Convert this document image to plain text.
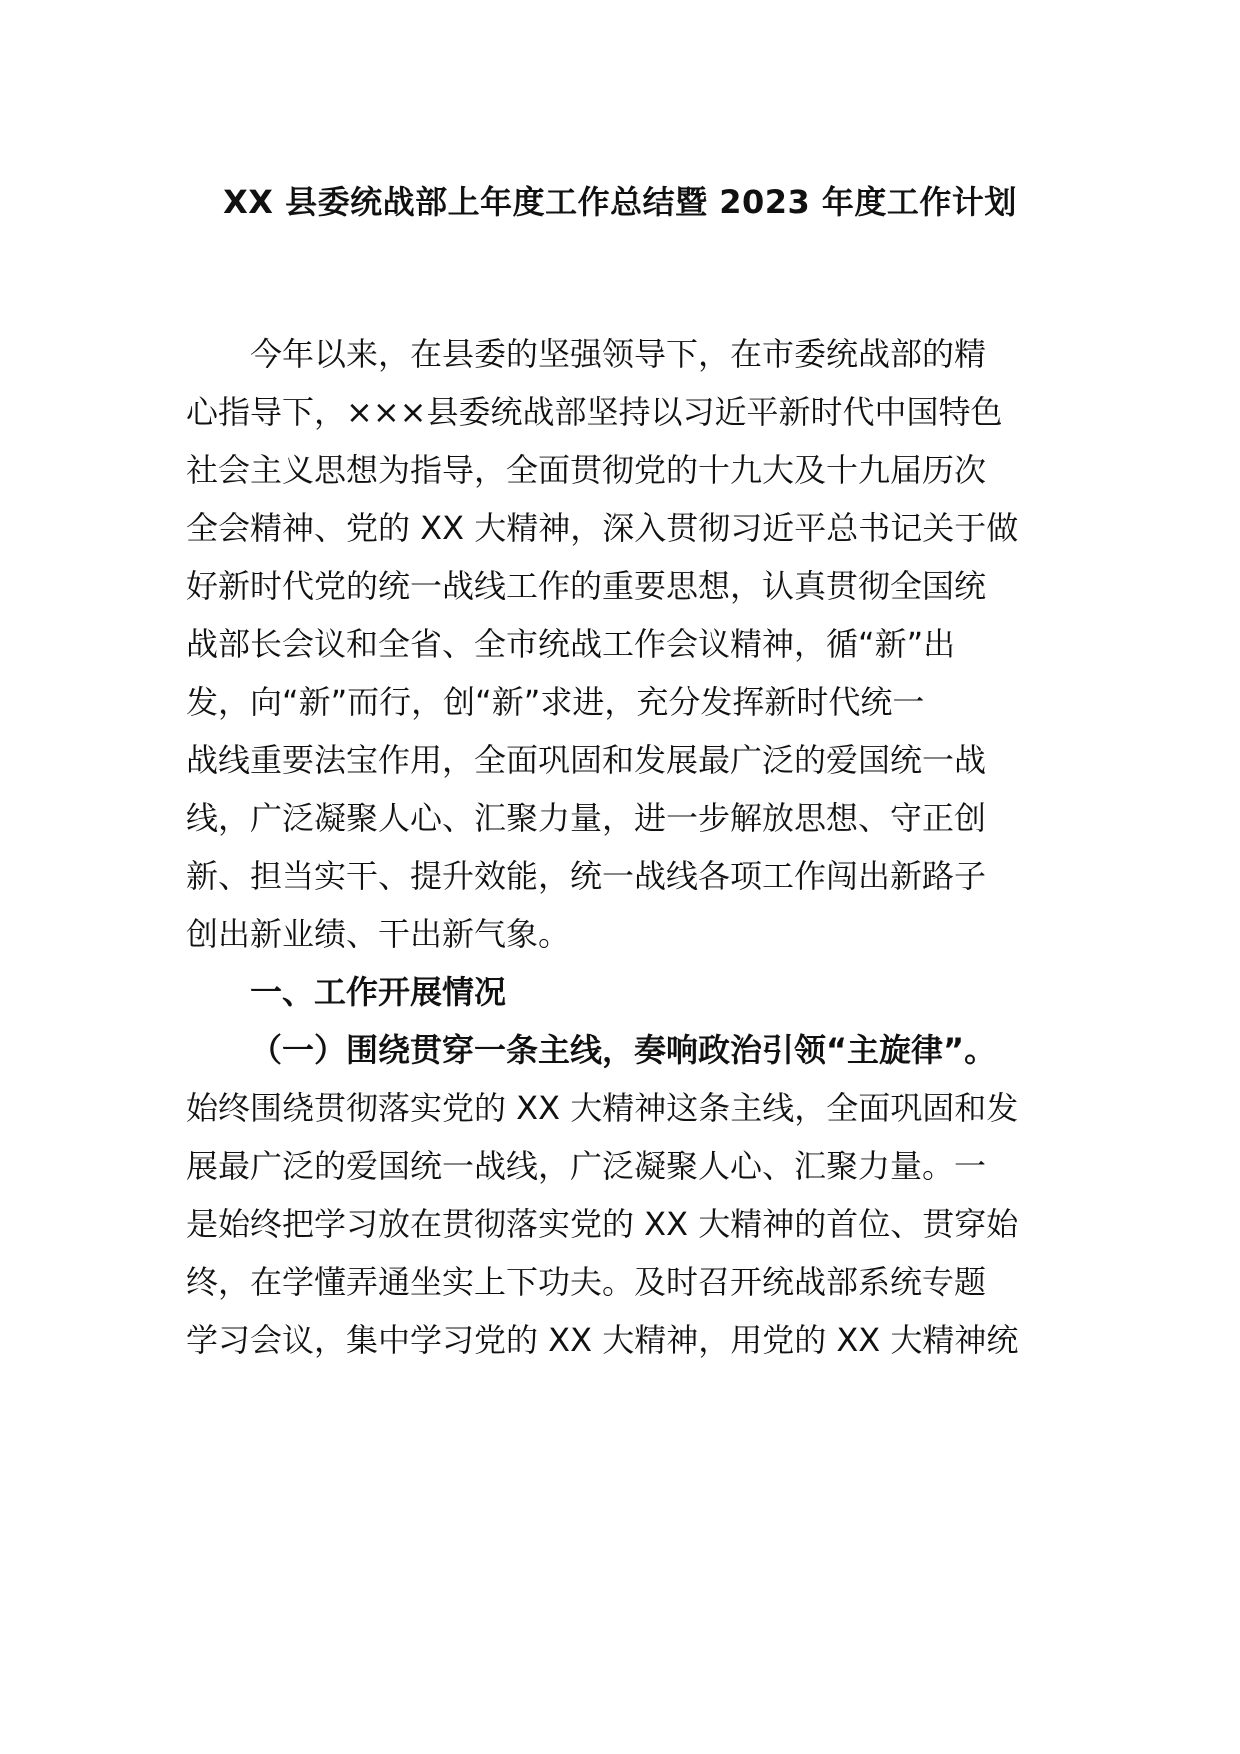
XX 县委统战部上年度工作总结暨 2023 年度工作计划
今年以来，在县委的坚强领导下，在市委统战部的精
心指导下，×××县委统战部坚持以习近平新时代中国特色
社会主义思想为指导，全面贯彻党的十九大及十九届历次
全会精神、党的 XX 大精神，深入贯彻习近平总书记关于做
好新时代党的统一战线工作的重要思想，认真贯彻全国统
战部长会议和全省、全市统战工作会议精神，循“新”出
发，向“新”而行，创“新”求进，充分发挥新时代统一
战线重要法宝作用，全面巩固和发展最广泛的爱国统一战
线，广泛凝聚人心、汇聚力量，进一步解放思想、守正创
新、担当实干、提升效能，统一战线各项工作闯出新路子
创出新业绩、干出新气象。
一、工作开展情况
（一）围绕贯穿一条主线，奏响政治引领“主旋律”。
始终围绕贯彻落实党的 XX 大精神这条主线，全面巩固和发
展最广泛的爱国统一战线，广泛凝聚人心、汇聚力量。一
是始终把学习放在贯彻落实党的 XX 大精神的首位、贯穿始
终，在学懂弄通坐实上下功夫。及时召开统战部系统专题
学习会议，集中学习党的 XX 大精神，用党的 XX 大精神统
